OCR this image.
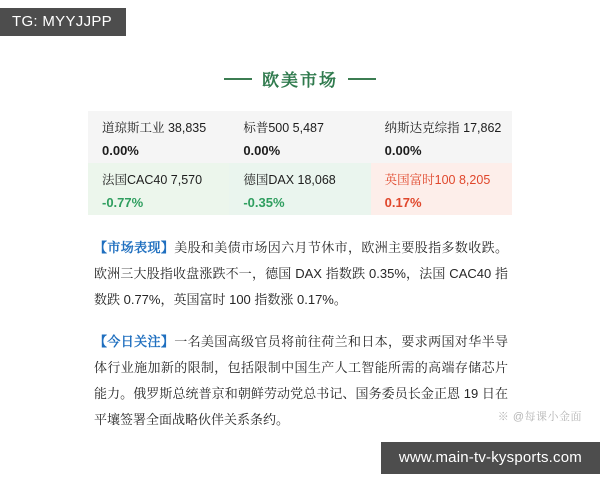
TG: MYYJJPP
欧美市场
道琼斯工业 38,835
0.00%

标普500 5,487
0.00%

纳斯达克综指 17,862
0.00%

法国CAC40 7,570
-0.77%

德国DAX 18,068
-0.35%

英国富时100 8,205
0.17%

【市场表现】美股和美债市场因六月节休市，欧洲主要股指多数收跌。欧洲三大股指收盘涨跌不一，德国 DAX 指数跌 0.35%，法国 CAC40 指数跌 0.77%，英国富时 100 指数涨 0.17%。

【今日关注】一名美国高级官员将前往荷兰和日本，要求两国对华半导体行业施加新的限制，包括限制中国生产人工智能所需的高端存储芯片能力。俄罗斯总统普京和朝鲜劳动党总书记、国务委员长金正恩 19 日在平壤签署全面战略伙伴关系条约。	※ @每课小金面
www.main-tv-kysports.com
